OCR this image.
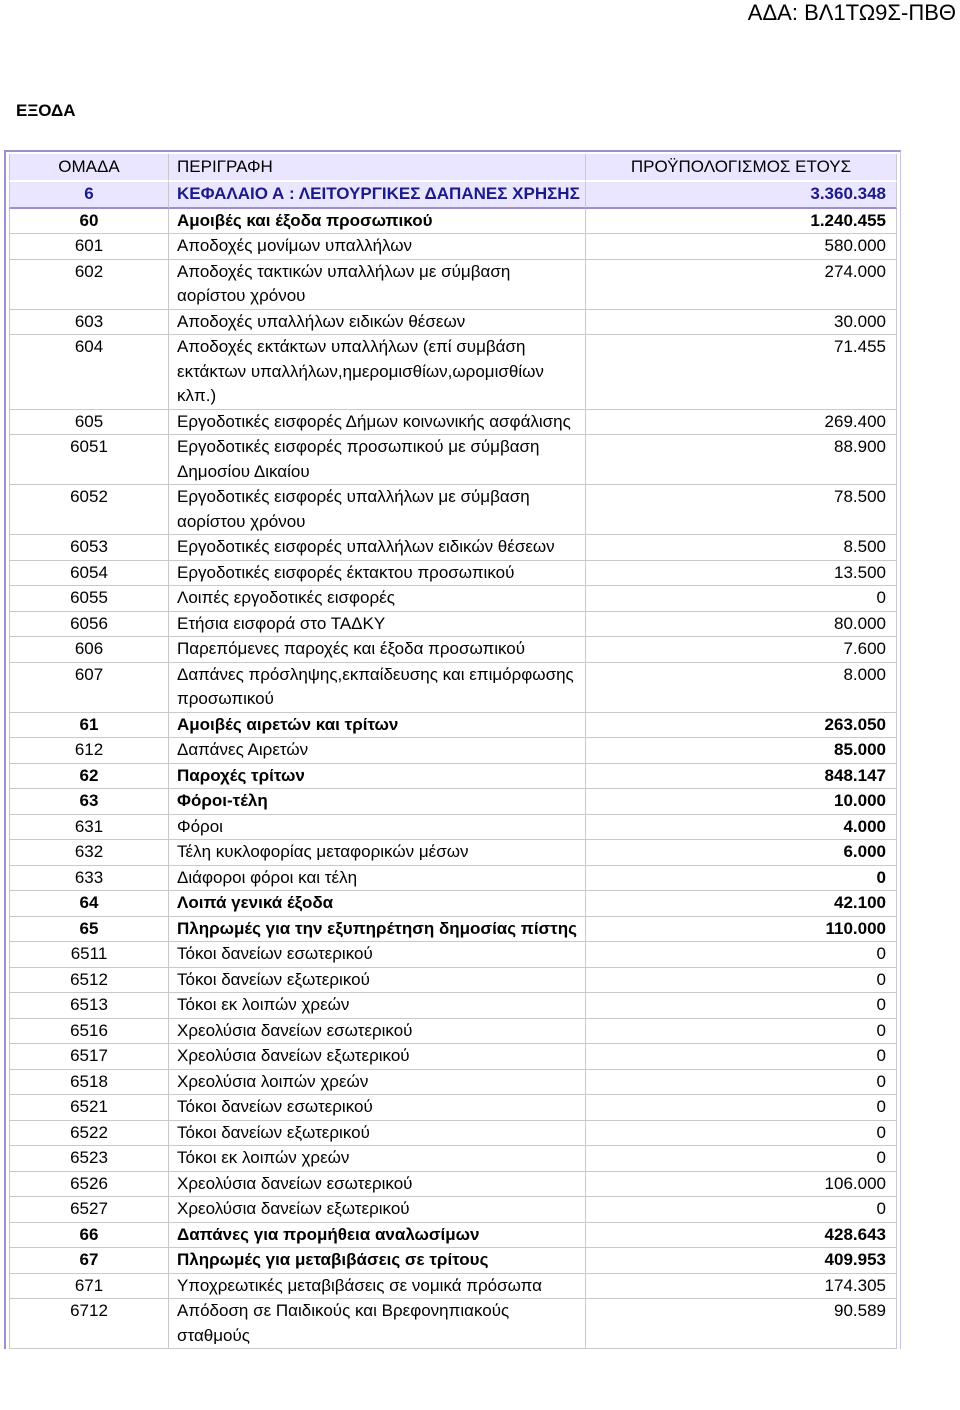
ΑΔΑ: ΒΛ1ΤΩ9Σ-ΠΒΘ
ΕΞΟΔΑ
ΟΜΑΔΑ	ΠΕΡΙΓΡΑΦΗ	ΠΡΟΫΠΟΛΟΓΙΣΜΟΣ ΕΤΟΥΣ
6	ΚΕΦΑΛΑΙΟ Α : ΛΕΙΤΟΥΡΓΙΚΕΣ ΔΑΠΑΝΕΣ ΧΡΗΣΗΣ	3.360.348
60	Αμοιβές και έξοδα προσωπικού	1.240.455
601	Αποδοχές μονίμων υπαλλήλων	580.000
602	Αποδοχές τακτικών υπαλλήλων με σύμβαση αορίστου χρόνου	274.000
603	Αποδοχές υπαλλήλων ειδικών θέσεων	30.000
604	Αποδοχές εκτάκτων υπαλλήλων (επί συμβάση εκτάκτων υπαλλήλων,ημερομισθίων,ωρομισθίων κλπ.)	71.455
605	Εργοδοτικές εισφορές Δήμων κοινωνικής ασφάλισης	269.400
6051	Εργοδοτικές εισφορές προσωπικού με σύμβαση Δημοσίου Δικαίου	88.900
6052	Εργοδοτικές εισφορές υπαλλήλων με σύμβαση αορίστου χρόνου	78.500
6053	Εργοδοτικές εισφορές υπαλλήλων ειδικών θέσεων	8.500
6054	Εργοδοτικές εισφορές έκτακτου προσωπικού	13.500
6055	Λοιπές εργοδοτικές εισφορές	0
6056	Ετήσια εισφορά στο ΤΑΔΚΥ	80.000
606	Παρεπόμενες παροχές και έξοδα προσωπικού	7.600
607	Δαπάνες πρόσληψης,εκπαίδευσης και επιμόρφωσης προσωπικού	8.000
61	Αμοιβές αιρετών και τρίτων	263.050
612	Δαπάνες Αιρετών	85.000
62	Παροχές τρίτων	848.147
63	Φόροι-τέλη	10.000
631	Φόροι	4.000
632	Τέλη κυκλοφορίας μεταφορικών μέσων	6.000
633	Διάφοροι φόροι και τέλη	0
64	Λοιπά γενικά έξοδα	42.100
65	Πληρωμές για την εξυπηρέτηση δημοσίας πίστης	110.000
6511	Τόκοι δανείων εσωτερικού	0
6512	Τόκοι δανείων εξωτερικού	0
6513	Τόκοι εκ λοιπών χρεών	0
6516	Χρεολύσια δανείων εσωτερικού	0
6517	Χρεολύσια δανείων εξωτερικού	0
6518	Χρεολύσια λοιπών χρεών	0
6521	Τόκοι δανείων εσωτερικού	0
6522	Τόκοι δανείων εξωτερικού	0
6523	Τόκοι εκ λοιπών χρεών	0
6526	Χρεολύσια δανείων εσωτερικού	106.000
6527	Χρεολύσια δανείων εξωτερικού	0
66	Δαπάνες για προμήθεια αναλωσίμων	428.643
67	Πληρωμές για μεταβιβάσεις σε τρίτους	409.953
671	Υποχρεωτικές μεταβιβάσεις σε νομικά πρόσωπα	174.305
6712	Απόδοση σε Παιδικούς και Βρεφονηπιακούς σταθμούς	90.589
